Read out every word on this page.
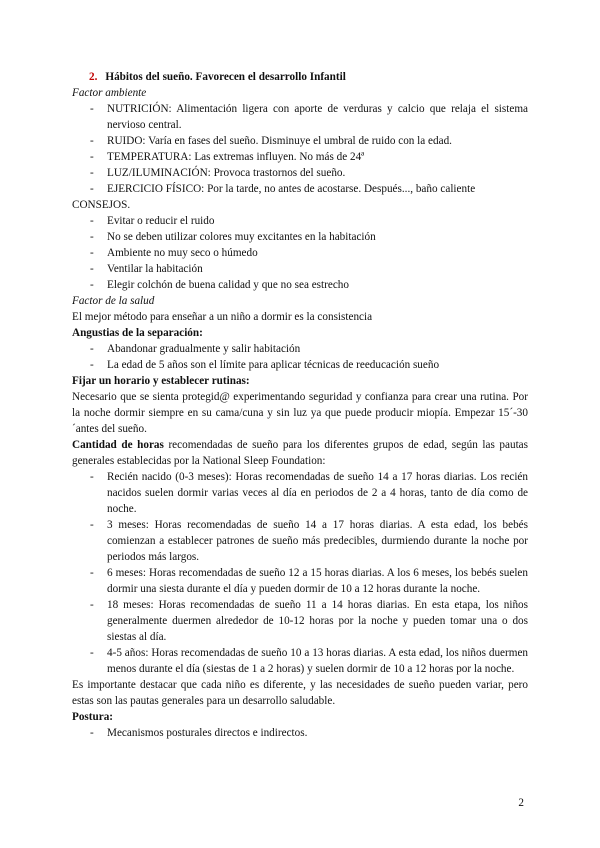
2. Hábitos del sueño. Favorecen el desarrollo Infantil

Factor ambiente

- NUTRICIÓN: Alimentación ligera con aporte de verduras y calcio que relaja el sistema nervioso central.
- RUIDO: Varía en fases del sueño. Disminuye el umbral de ruido con la edad.
- TEMPERATURA: Las extremas influyen. No más de 24ª
- LUZ/ILUMINACIÓN: Provoca trastornos del sueño.
- EJERCICIO FÍSICO: Por la tarde, no antes de acostarse. Después..., baño caliente

CONSEJOS.

- Evitar o reducir el ruido
- No se deben utilizar colores muy excitantes en la habitación
- Ambiente no muy seco o húmedo
- Ventilar la habitación
- Elegir colchón de buena calidad y que no sea estrecho

Factor de la salud

El mejor método para enseñar a un niño a dormir es la consistencia

Angustias de la separación:

- Abandonar gradualmente y salir habitación
- La edad de 5 años son el límite para aplicar técnicas de reeducación sueño

Fijar un horario y establecer rutinas:

Necesario que se sienta protegid@ experimentando seguridad y confianza para crear una rutina. Por la noche dormir siempre en su cama/cuna y sin luz ya que puede producir miopía. Empezar 15´-30´antes del sueño.

Cantidad de horas recomendadas de sueño para los diferentes grupos de edad, según las pautas generales establecidas por la National Sleep Foundation:

- Recién nacido (0-3 meses): Horas recomendadas de sueño 14 a 17 horas diarias. Los recién nacidos suelen dormir varias veces al día en periodos de 2 a 4 horas, tanto de día como de noche.
- 3 meses: Horas recomendadas de sueño 14 a 17 horas diarias. A esta edad, los bebés comienzan a establecer patrones de sueño más predecibles, durmiendo durante la noche por periodos más largos.
- 6 meses: Horas recomendadas de sueño 12 a 15 horas diarias. A los 6 meses, los bebés suelen dormir una siesta durante el día y pueden dormir de 10 a 12 horas durante la noche.
- 18 meses: Horas recomendadas de sueño 11 a 14 horas diarias. En esta etapa, los niños generalmente duermen alrededor de 10-12 horas por la noche y pueden tomar una o dos siestas al día.
- 4-5 años: Horas recomendadas de sueño 10 a 13 horas diarias. A esta edad, los niños duermen menos durante el día (siestas de 1 a 2 horas) y suelen dormir de 10 a 12 horas por la noche.

Es importante destacar que cada niño es diferente, y las necesidades de sueño pueden variar, pero estas son las pautas generales para un desarrollo saludable.

Postura:

- Mecanismos posturales directos e indirectos.
2
